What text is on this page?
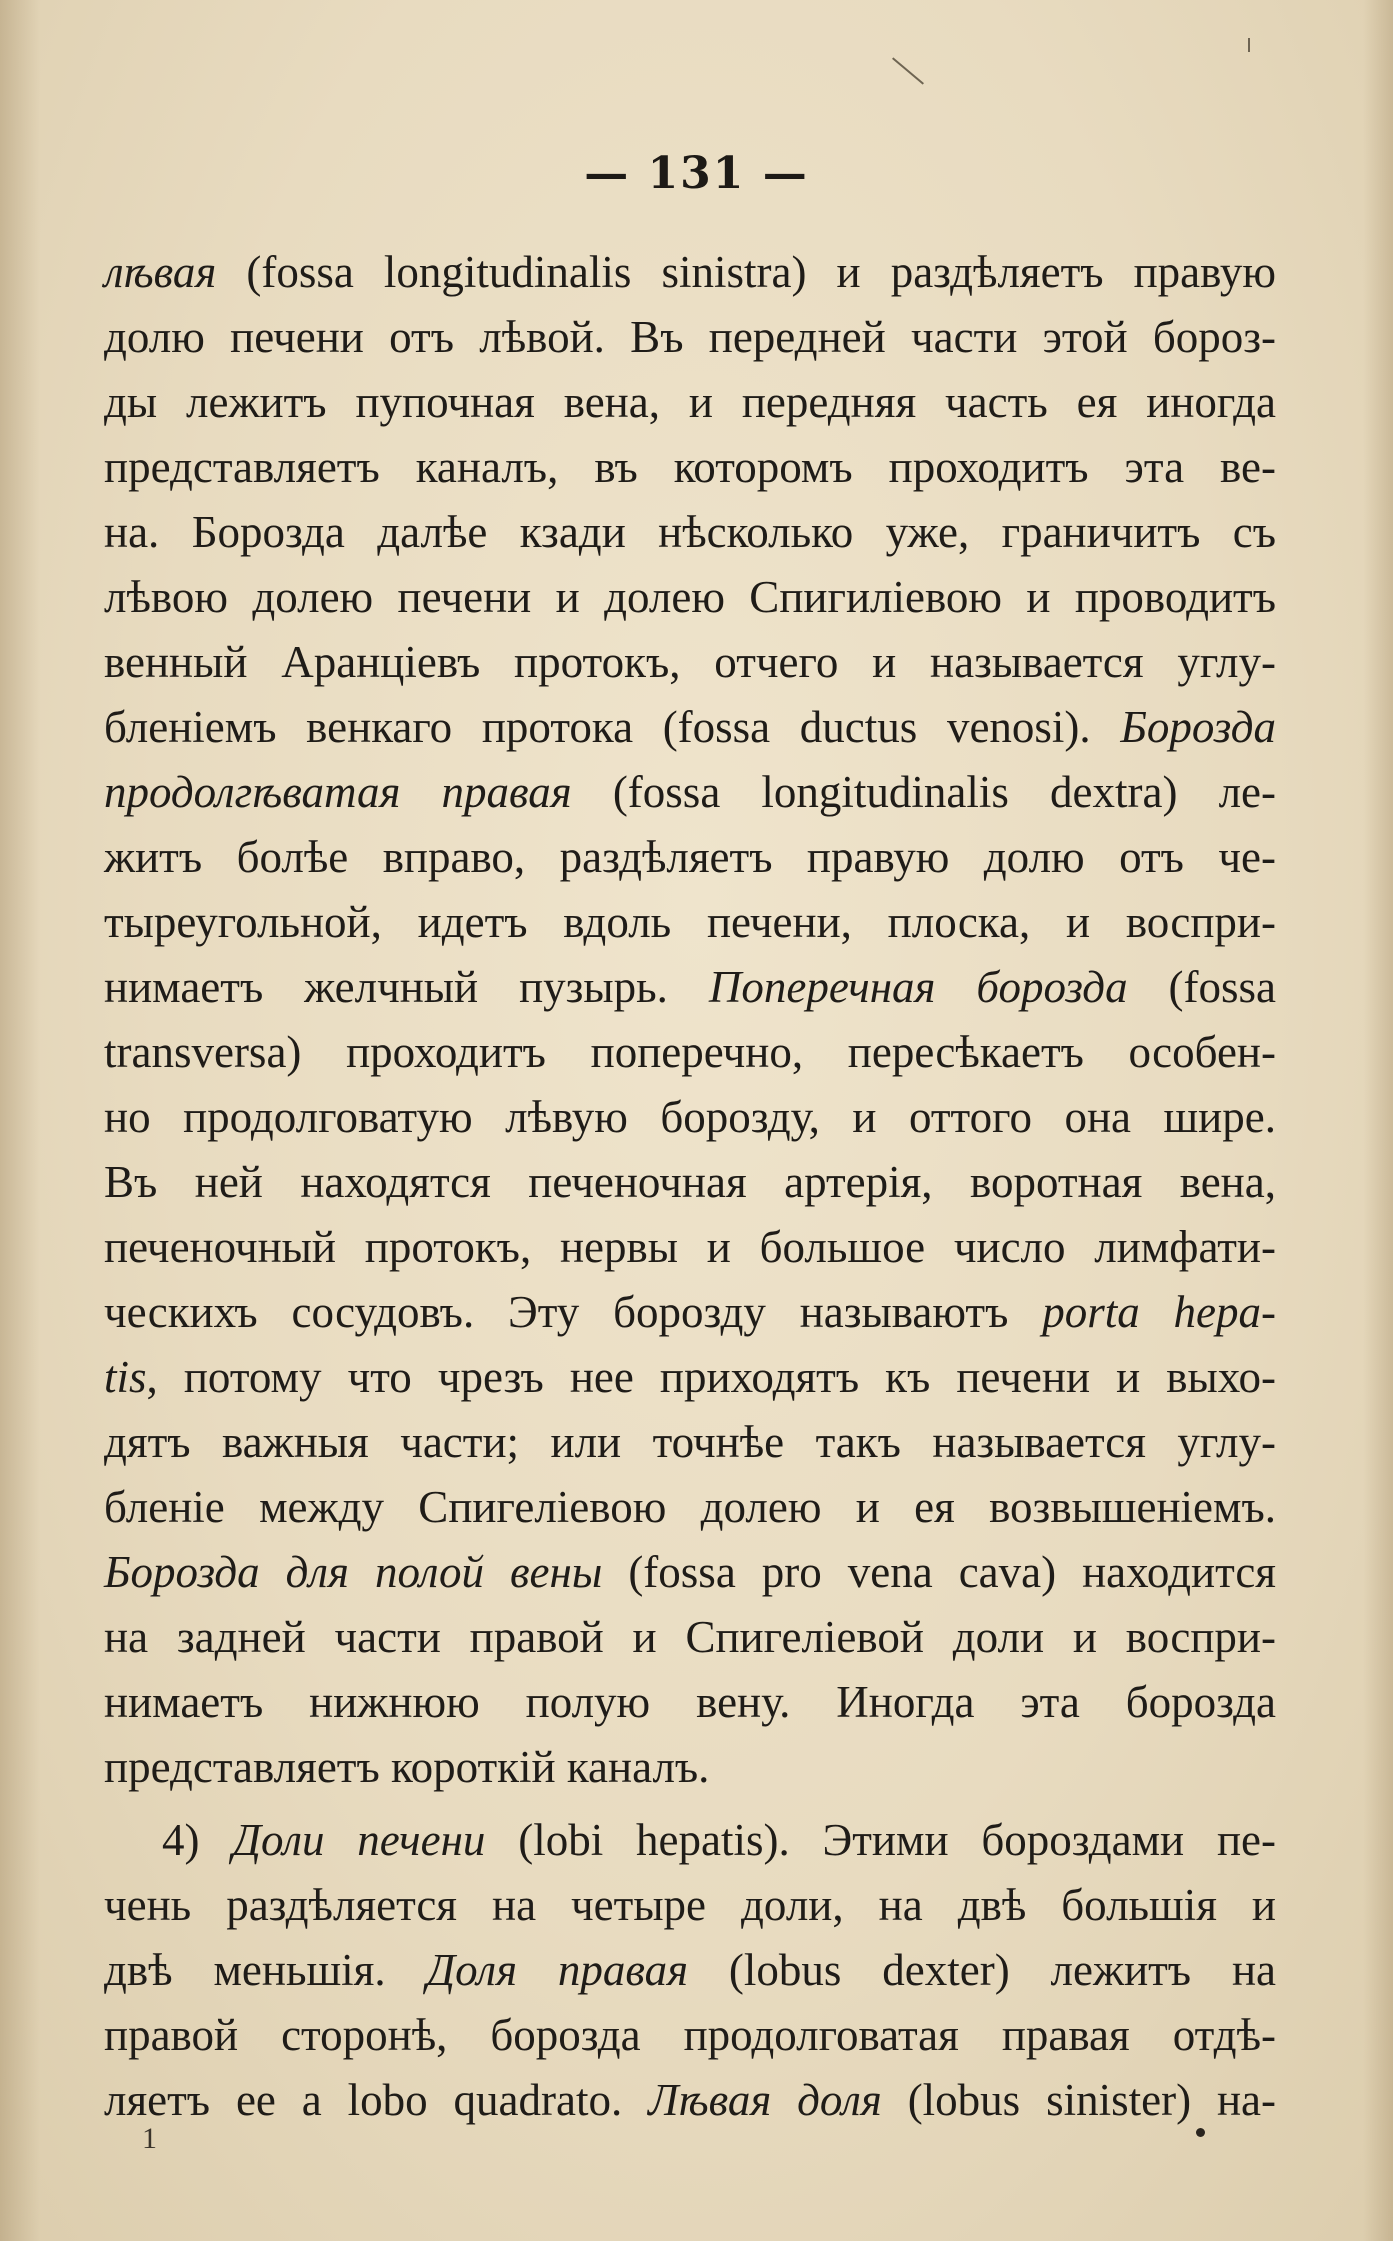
— 131 —
лѣвая (fossa longitudinalis sinistra) и раздѣляетъ правую
долю печени отъ лѣвой. Въ передней части этой бороз-
ды лежитъ пупочная вена, и передняя часть ея иногда
представляетъ каналъ, въ которомъ проходитъ эта ве-
на. Борозда далѣе кзади нѣсколько уже, граничитъ съ
лѣвою долею печени и долею Спигиліевою и проводитъ
венный Аранціевъ протокъ, отчего и называется углу-
бленіемъ венкаго протока (fossa ductus venosi). Борозда
продолгѣватая правая (fossa longitudinalis dextra) ле-
житъ болѣе вправо, раздѣляетъ правую долю отъ че-
тыреугольной, идетъ вдоль печени, плоска, и воспри-
нимаетъ желчный пузырь. Поперечная борозда (fossa
transversa) проходитъ поперечно, пересѣкаетъ особен-
но продолговатую лѣвую борозду, и оттого она шире.
Въ ней находятся печеночная артерія, воротная вена,
печеночный протокъ, нервы и большое число лимфати-
ческихъ сосудовъ. Эту борозду называютъ porta hepa-
tis, потому что чрезъ нее приходятъ къ печени и выхо-
дятъ важныя части; или точнѣе такъ называется углу-
бленіе между Спигеліевою долею и ея возвышеніемъ.
Борозда для полой вены (fossa pro vena cava) находится
на задней части правой и Спигеліевой доли и воспри-
нимаетъ нижнюю полую вену. Иногда эта борозда
представляетъ короткій каналъ.
4) Доли печени (lobi hepatis). Этими бороздами пе-
чень раздѣляется на четыре доли, на двѣ большія и
двѣ меньшія. Доля правая (lobus dexter) лежитъ на
правой сторонѣ, борозда продолговатая правая отдѣ-
ляетъ ее a lobo quadrato. Лѣвая доля (lobus sinister) на-
1
